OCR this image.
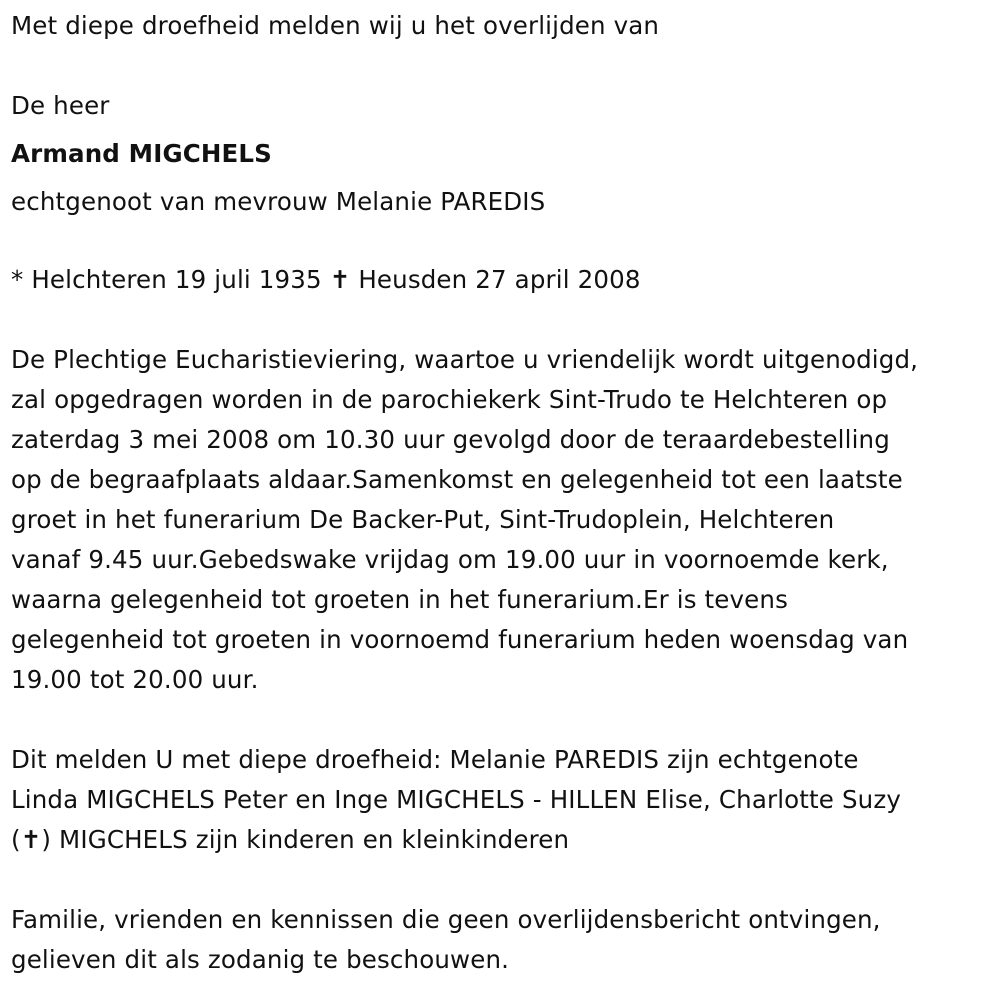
Met diepe droefheid melden wij u het overlijden van
De heer
Armand MIGCHELS
echtgenoot van mevrouw Melanie PAREDIS
* Helchteren 19 juli 1935 ✝ Heusden 27 april 2008
De Plechtige Eucharistieviering, waartoe u vriendelijk wordt uitgenodigd,
zal opgedragen worden in de parochiekerk Sint-Trudo te Helchteren op
zaterdag 3 mei 2008 om 10.30 uur gevolgd door de teraardebestelling
op de begraafplaats aldaar.Samenkomst en gelegenheid tot een laatste
groet in het funerarium De Backer-Put, Sint-Trudoplein, Helchteren
vanaf 9.45 uur.Gebedswake vrijdag om 19.00 uur in voornoemde kerk,
waarna gelegenheid tot groeten in het funerarium.Er is tevens
gelegenheid tot groeten in voornoemd funerarium heden woensdag van
19.00 tot 20.00 uur.
Dit melden U met diepe droefheid: Melanie PAREDIS zijn echtgenote
Linda MIGCHELS Peter en Inge MIGCHELS - HILLEN Elise, Charlotte Suzy
(✝) MIGCHELS zijn kinderen en kleinkinderen
Familie, vrienden en kennissen die geen overlijdensbericht ontvingen,
gelieven dit als zodanig te beschouwen.
